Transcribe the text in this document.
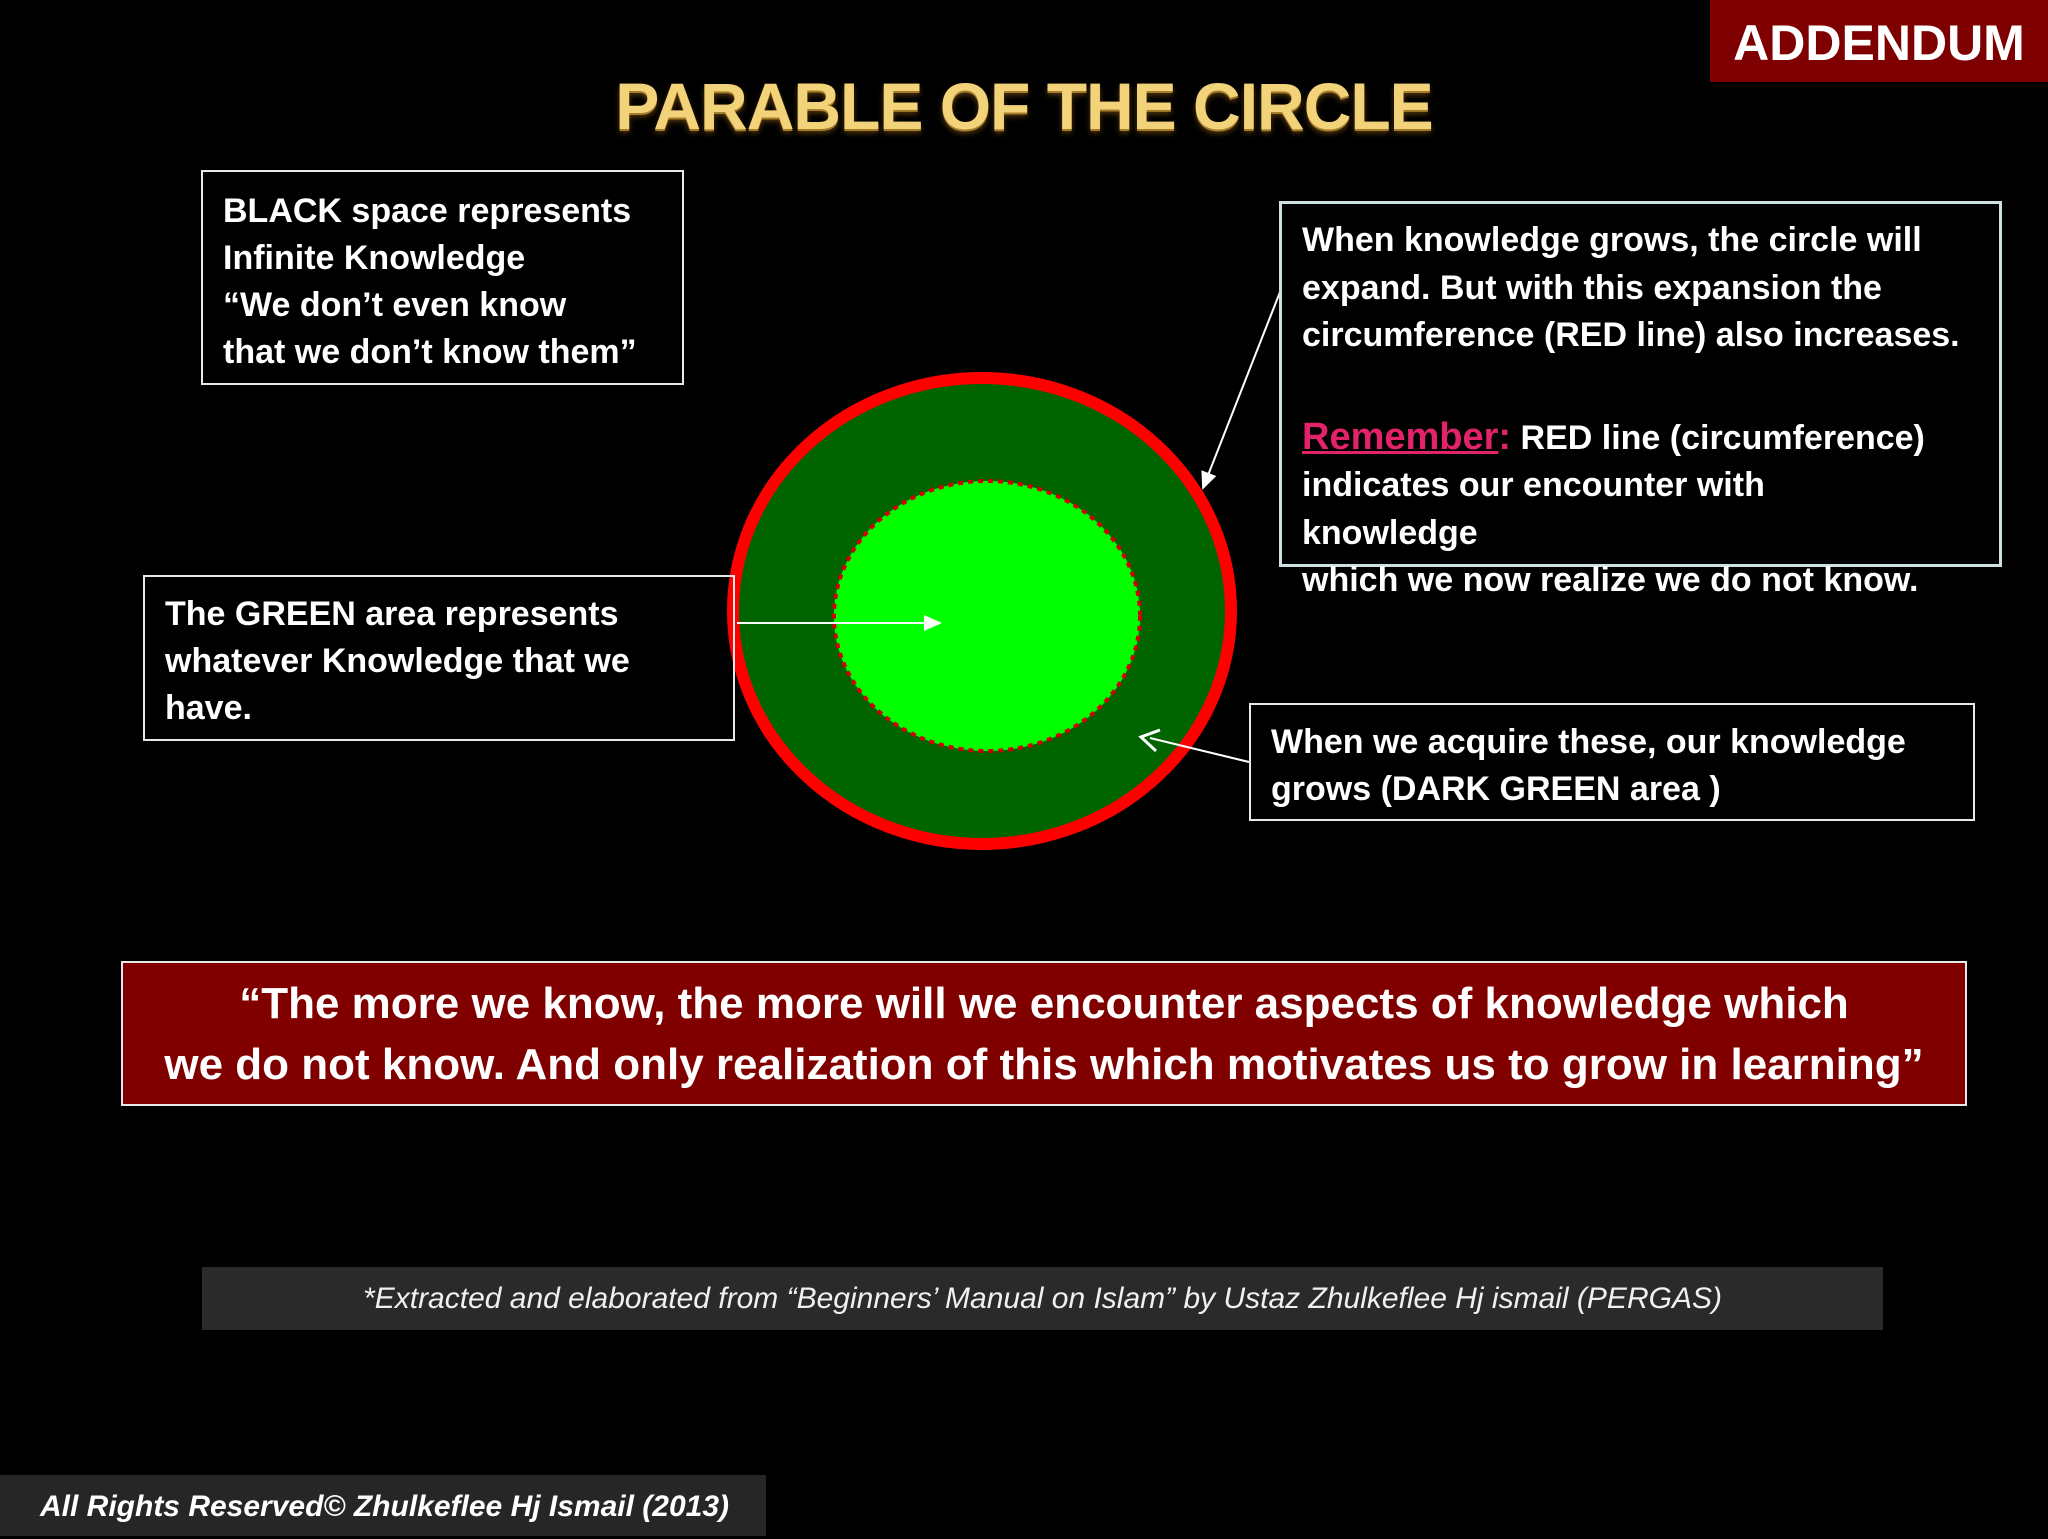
ADDENDUM
PARABLE OF THE CIRCLE

BLACK space represents

Infinite Knowledge

“We don’t even know

that we don’t know them”

The GREEN area represents

whatever Knowledge that we

have.

When knowledge grows, the circle will

expand. But with this expansion the

circumference (RED line) also increases.

Remember: RED line (circumference)

indicates our encounter with

knowledge

which we now realize we do not know.

When we acquire these, our knowledge

grows (DARK GREEN area )

“The more we know, the more will we encounter aspects of knowledge which
we do not know. And only realization of this which motivates us to grow in learning”
*Extracted and elaborated from “Beginners’ Manual on Islam” by Ustaz Zhulkeflee Hj ismail (PERGAS)
All Rights Reserved© Zhulkeflee Hj Ismail (2013)
